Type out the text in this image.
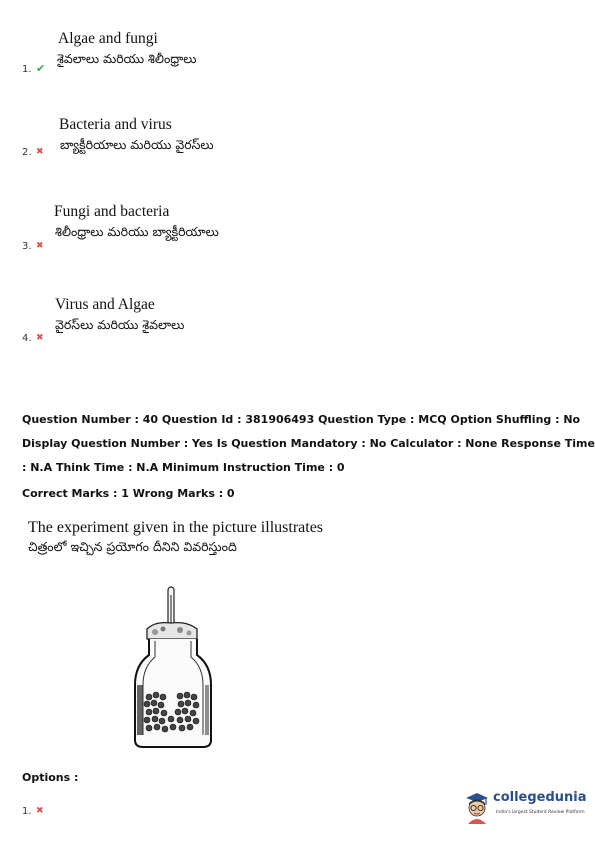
Algae and fungi
శైవలాలు మరియు శిలీంధ్రాలు
1. ✔
Bacteria and virus
బ్యాక్టీరియాలు మరియు వైరస్‌లు
2. ✖
Fungi and bacteria
శిలీంధ్రాలు మరియు బ్యాక్టీరియాలు
3. ✖
Virus and Algae
వైరస్‌లు మరియు శైవలాలు
4. ✖
Question Number : 40 Question Id : 381906493 Question Type : MCQ Option Shuffling : No
Display Question Number : Yes Is Question Mandatory : No Calculator : None Response Time
: N.A Think Time : N.A Minimum Instruction Time : 0
Correct Marks : 1 Wrong Marks : 0
The experiment given in the picture illustrates
చిత్రంలో ఇచ్చిన ప్రయోగం దీనిని వివరిస్తుంది
Options :
1. ✖
collegedunia
India's largest Student Review Platform
